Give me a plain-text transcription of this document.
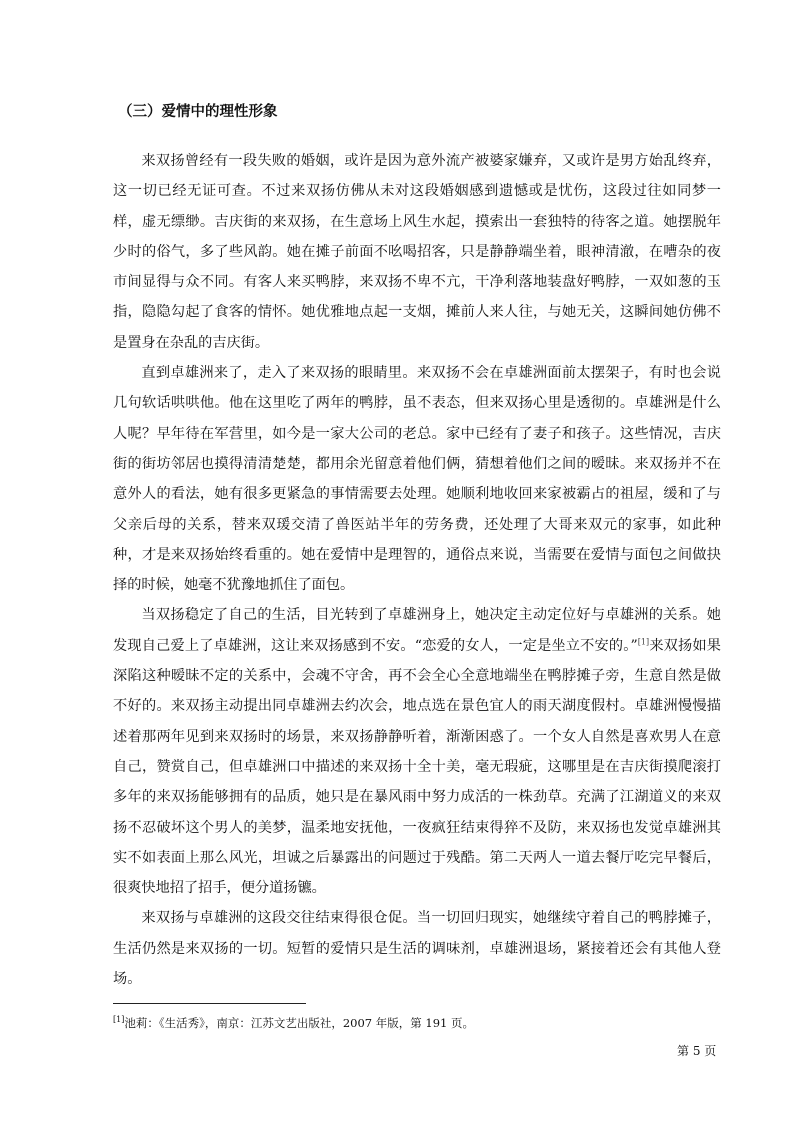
（三）爱情中的理性形象

来双扬曾经有一段失败的婚姻，或许是因为意外流产被婆家嫌弃，又或许是男方始乱终弃，这一切已经无证可查。不过来双扬仿佛从未对这段婚姻感到遗憾或是忧伤，这段过往如同梦一样，虚无缥缈。吉庆街的来双扬，在生意场上风生水起，摸索出一套独特的待客之道。她摆脱年少时的俗气，多了些风韵。她在摊子前面不吆喝招客，只是静静端坐着，眼神清澈，在嘈杂的夜市间显得与众不同。有客人来买鸭脖，来双扬不卑不亢，干净利落地装盘好鸭脖，一双如葱的玉指，隐隐勾起了食客的情怀。她优雅地点起一支烟，摊前人来人往，与她无关，这瞬间她仿佛不是置身在杂乱的吉庆街。

直到卓雄洲来了，走入了来双扬的眼睛里。来双扬不会在卓雄洲面前太摆架子，有时也会说几句软话哄哄他。他在这里吃了两年的鸭脖，虽不表态，但来双扬心里是透彻的。卓雄洲是什么人呢？早年待在军营里，如今是一家大公司的老总。家中已经有了妻子和孩子。这些情况，吉庆街的街坊邻居也摸得清清楚楚，都用余光留意着他们俩，猜想着他们之间的暧昧。来双扬并不在意外人的看法，她有很多更紧急的事情需要去处理。她顺利地收回来家被霸占的祖屋，缓和了与父亲后母的关系，替来双瑗交清了兽医站半年的劳务费，还处理了大哥来双元的家事，如此种种，才是来双扬始终看重的。她在爱情中是理智的，通俗点来说，当需要在爱情与面包之间做抉择的时候，她毫不犹豫地抓住了面包。

当双扬稳定了自己的生活，目光转到了卓雄洲身上，她决定主动定位好与卓雄洲的关系。她发现自己爱上了卓雄洲，这让来双扬感到不安。“恋爱的女人，一定是坐立不安的。”[1]来双扬如果深陷这种暧昧不定的关系中，会魂不守舍，再不会全心全意地端坐在鸭脖摊子旁，生意自然是做不好的。来双扬主动提出同卓雄洲去约次会，地点选在景色宜人的雨天湖度假村。卓雄洲慢慢描述着那两年见到来双扬时的场景，来双扬静静听着，渐渐困惑了。一个女人自然是喜欢男人在意自己，赞赏自己，但卓雄洲口中描述的来双扬十全十美，毫无瑕疵，这哪里是在吉庆街摸爬滚打多年的来双扬能够拥有的品质，她只是在暴风雨中努力成活的一株劲草。充满了江湖道义的来双扬不忍破坏这个男人的美梦，温柔地安抚他，一夜疯狂结束得猝不及防，来双扬也发觉卓雄洲其实不如表面上那么风光，坦诚之后暴露出的问题过于残酷。第二天两人一道去餐厅吃完早餐后，很爽快地招了招手，便分道扬镳。

来双扬与卓雄洲的这段交往结束得很仓促。当一切回归现实，她继续守着自己的鸭脖摊子，生活仍然是来双扬的一切。短暂的爱情只是生活的调味剂，卓雄洲退场，紧接着还会有其他人登场。

[1]池莉：《生活秀》，南京：江苏文艺出版社，2007 年版，第 191 页。
第 5 页
